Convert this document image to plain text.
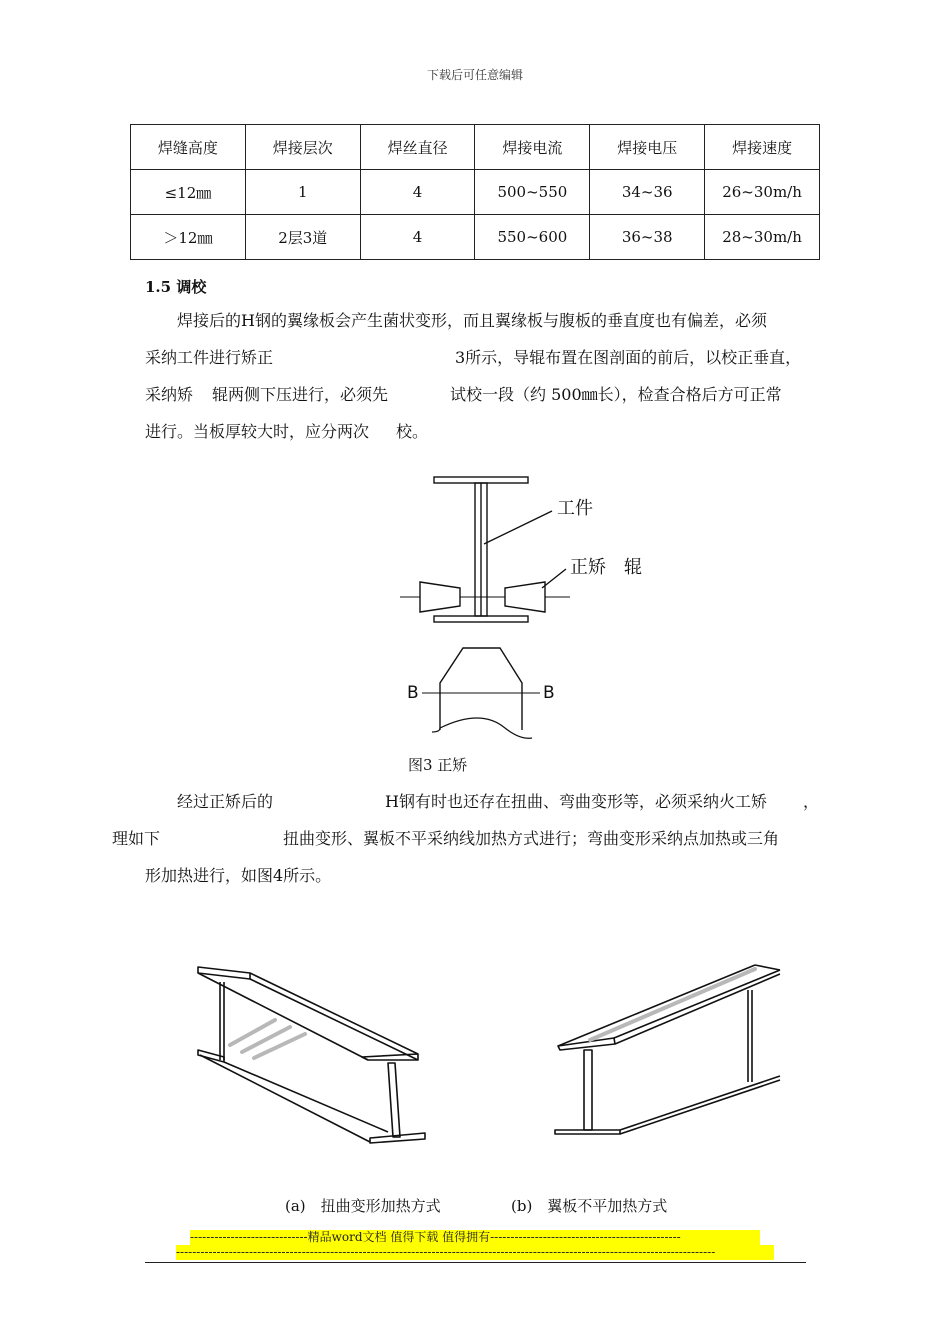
下载后可任意编辑
焊缝高度	焊接层次	焊丝直径	焊接电流	焊接电压	焊接速度
≤12㎜	1	4	500~550	34~36	26~30m/h
＞12㎜	2层3道	4	550~600	36~38	28~30m/h
1.5 调校
焊接后的H钢的翼缘板会产生菌状变形，而且翼缘板与腹板的垂直度也有偏差，必须
采纳工件进行矫正	3所示，导辊布置在图剖面的前后，以校正垂直，
采纳矫 辊两侧下压进行，必须先	试校一段（约 500㎜长），检查合格后方可正常
进行。当板厚较大时，应分两次 校。
工件
正矫　辊
B	B
图3 正矫
经过正矫后的	H钢有时也还存在扭曲、弯曲变形等，必须采纳火工矫 ，
理如下	扭曲变形、翼板不平采纳线加热方式进行；弯曲变形采纳点加热或三角
形加热进行，如图4所示。
(a)　扭曲变形加热方式	(b)　翼板不平加热方式
-----------------------------精品word文档 值得下载 值得拥有-----------------------------------------------
-------------------------------------------------------------------------------------------------------------------------------------
